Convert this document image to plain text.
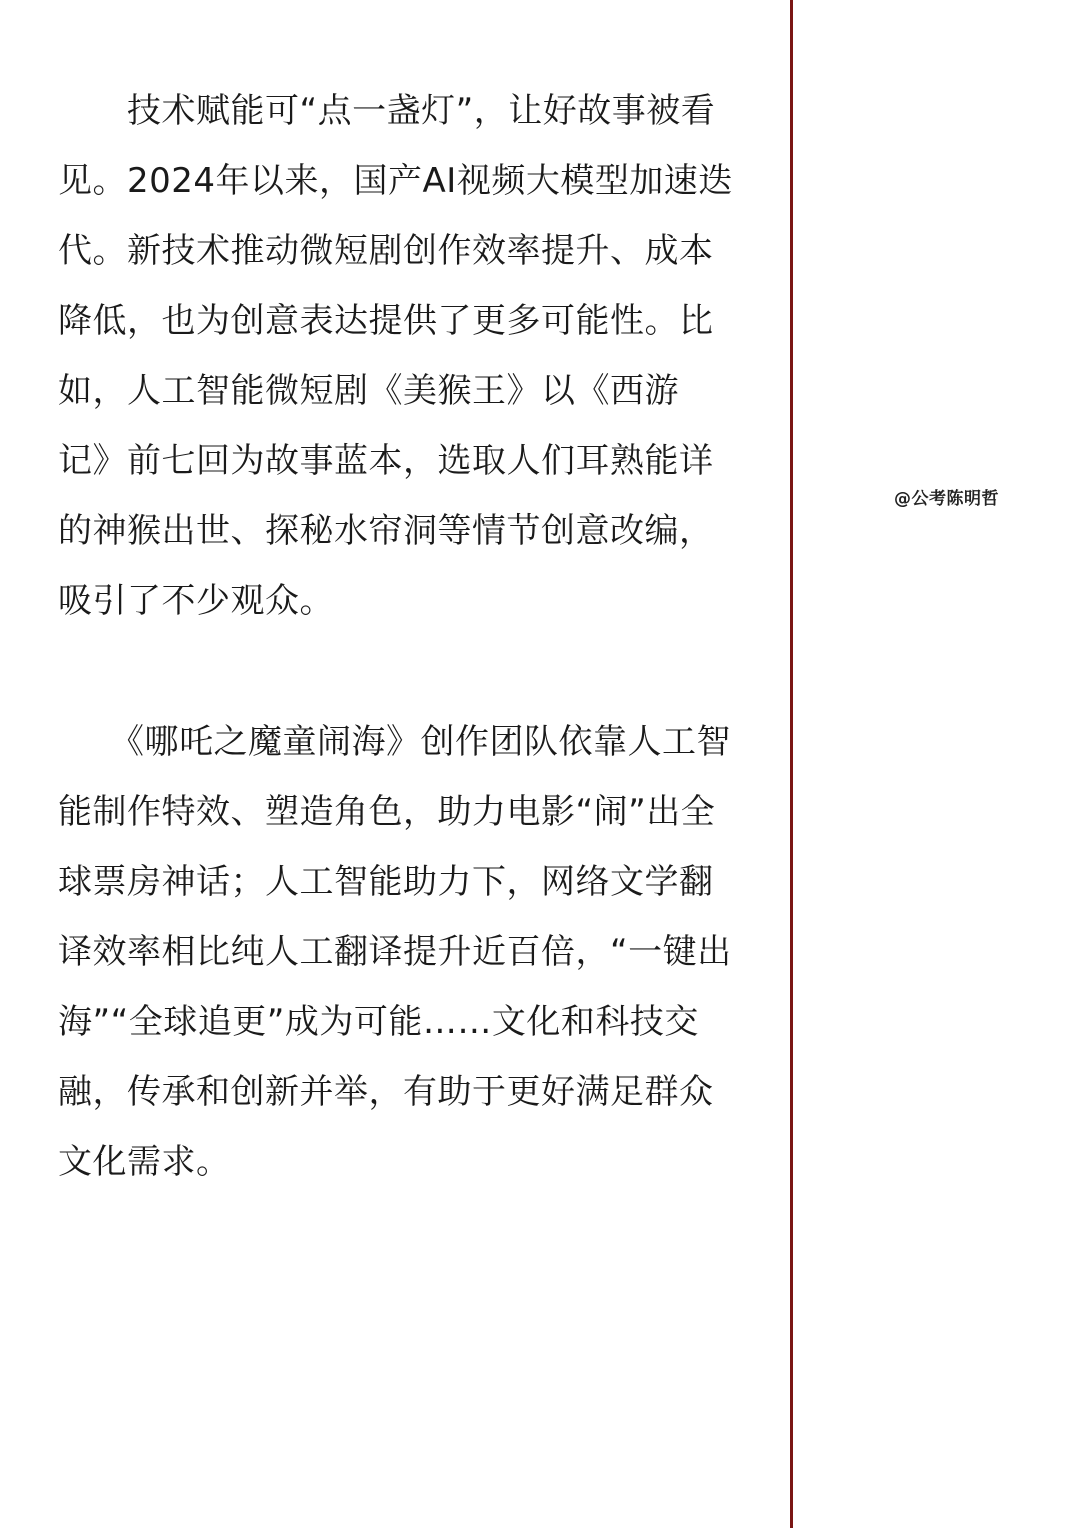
　　技术赋能可“点一盏灯”，让好故事被看
见。2024年以来，国产AI视频大模型加速迭
代。新技术推动微短剧创作效率提升、成本
降低，也为创意表达提供了更多可能性。比
如，人工智能微短剧《美猴王》以《西游
记》前七回为故事蓝本，选取人们耳熟能详
的神猴出世、探秘水帘洞等情节创意改编，
吸引了不少观众。

　　《哪吒之魔童闹海》创作团队依靠人工智
能制作特效、塑造角色，助力电影“闹”出全
球票房神话；人工智能助力下，网络文学翻
译效率相比纯人工翻译提升近百倍，“一键出
海”“全球追更”成为可能……文化和科技交
融，传承和创新并举，有助于更好满足群众
文化需求。

@公考陈明哲
